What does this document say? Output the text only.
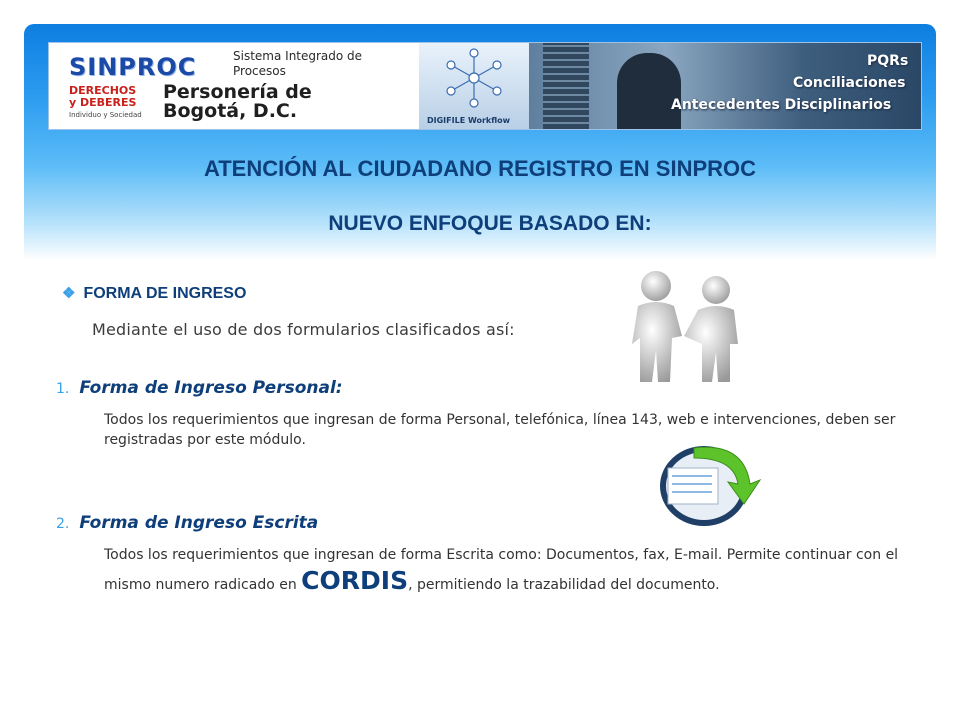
SINPROC	Sistema Integrado de Procesos
DERECHOS
y DEBERES
Individuo y Sociedad
Personería de
Bogotá, D.C.	DIGIFILE Workflow
PQRs
Conciliaciones
Antecedentes Disciplinarios
ATENCIÓN AL CIUDADANO REGISTRO EN SINPROC
NUEVO ENFOQUE BASADO EN:
❖ FORMA DE INGRESO
Mediante el uso de dos formularios clasificados así:
1. Forma de Ingreso Personal:
Todos los requerimientos que ingresan de forma Personal, telefónica, línea 143, web e intervenciones, deben ser registradas por este módulo.
2. Forma de Ingreso Escrita
Todos los requerimientos que ingresan de forma Escrita como: Documentos, fax, E-mail. Permite continuar con el mismo numero radicado en CORDIS, permitiendo la trazabilidad del documento.
